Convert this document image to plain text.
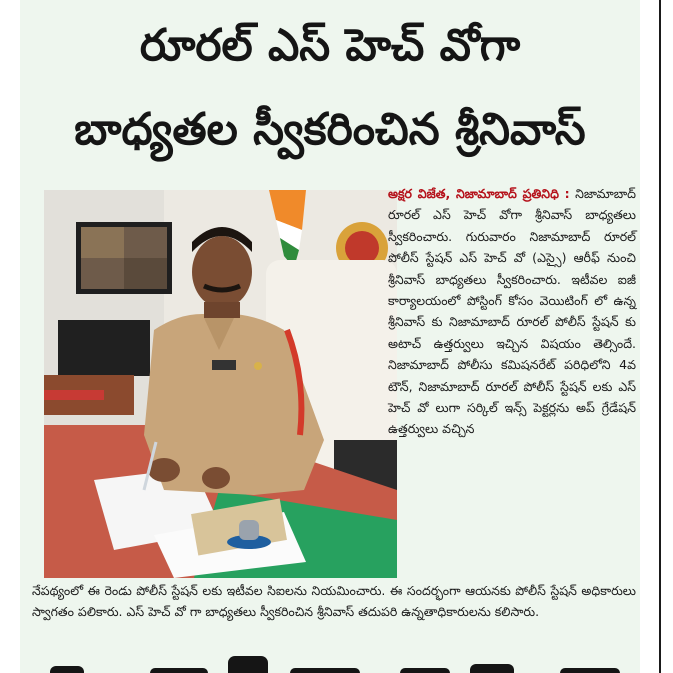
రూరల్ ఎస్ హెచ్ వోగా
బాధ్యతల స్వీకరించిన శ్రీనివాస్
అక్షర విజేత, నిజామాబాద్ ప్రతినిధి : నిజామాబాద్ రూరల్ ఎస్ హెచ్ వోగా శ్రీనివాస్ బాధ్యతలు స్వీకరించారు. గురువారం నిజామాబాద్ రూరల్ పోలీస్ స్టేషన్ ఎస్ హెచ్ వో (ఎస్సై) ఆరీఫ్ నుంచి శ్రీనివాస్ బాధ్యతలు స్వీకరించారు. ఇటీవల ఐజీ కార్యాలయంలో పోస్టింగ్ కోసం వెయిటింగ్ లో ఉన్న శ్రీనివాస్ కు నిజామాబాద్ రూరల్ పోలీస్ స్టేషన్ కు అటాచ్ ఉత్తర్వులు ఇచ్చిన విషయం తెల్సిందే. నిజామాబాద్ పోలీసు కమిషనరేట్ పరిధిలోని 4వ టౌన్, నిజామాబాద్ రూరల్ పోలీస్ స్టేషన్ లకు ఎస్ హెచ్ వో లుగా సర్కిల్ ఇన్స్ పెక్టర్లను అప్ గ్రేడేషన్ ఉత్తర్వులు వచ్చిన
నేపథ్యంలో ఈ రెండు పోలీస్ స్టేషన్ లకు ఇటీవల సిఐలను నియమించారు. ఈ సందర్భంగా ఆయనకు పోలీస్ స్టేషన్ అధికారులు స్వాగతం పలికారు. ఎస్ హెచ్ వో గా బాధ్యతలు స్వీకరించిన శ్రీనివాస్ తదుపరి ఉన్నతాధికారులను కలిసారు.
